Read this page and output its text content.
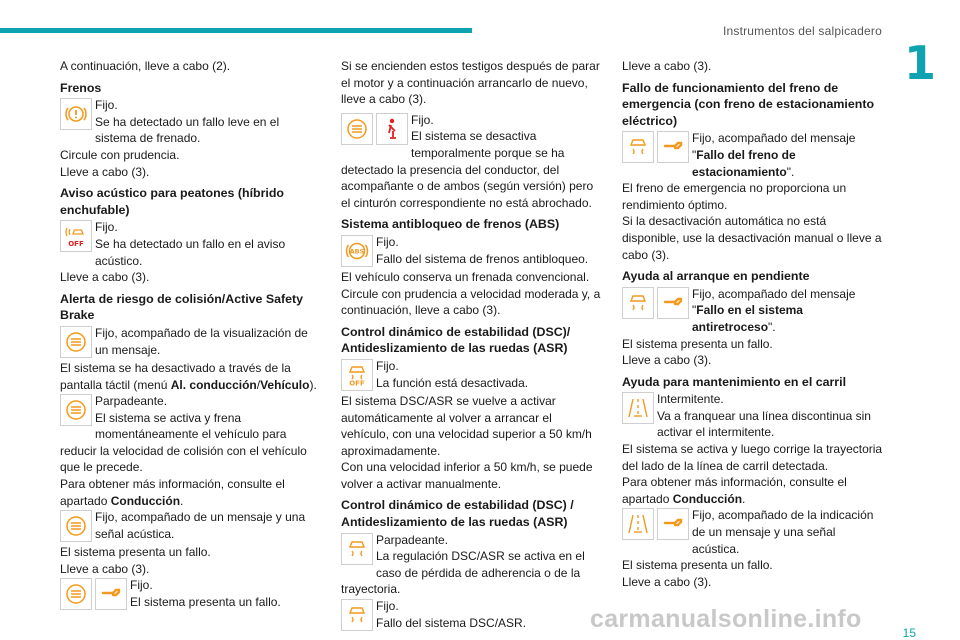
Instrumentos del salpicadero
1

A continuación, lleve a cabo (2).

Frenos

Fijo.

Se ha detectado un fallo leve en el sistema de frenado.

Circule con prudencia.

Lleve a cabo (3).

Aviso acústico para peatones (híbrido enchufable)
OFF

Fijo.

Se ha detectado un fallo en el aviso acústico.

Lleve a cabo (3).

Alerta de riesgo de colisión/Active Safety Brake

Fijo, acompañado de la visualización de un mensaje.

El sistema se ha desactivado a través de la pantalla táctil (menú Al. conducción/Vehículo).

Parpadeante.

El sistema se activa y frena momentáneamente el vehículo para reducir la velocidad de colisión con el vehículo que le precede.

Para obtener más información, consulte el apartado Conducción.

Fijo, acompañado de un mensaje y una señal acústica.

El sistema presenta un fallo.

Lleve a cabo (3).

Fijo.

El sistema presenta un fallo.

Si se encienden estos testigos después de parar el motor y a continuación arrancarlo de nuevo, lleve a cabo (3).

Fijo.

El sistema se desactiva temporalmente porque se ha detectado la presencia del conductor, del acompañante o de ambos (según versión) pero el cinturón correspondiente no está abrochado.

Sistema antibloqueo de frenos (ABS)
ABS

Fijo.

Fallo del sistema de frenos antibloqueo.

El vehículo conserva un frenada convencional.

Circule con prudencia a velocidad moderada y, a continuación, lleve a cabo (3).

Control dinámico de estabilidad (DSC)/ Antideslizamiento de las ruedas (ASR)
OFF

Fijo.

La función está desactivada.

El sistema DSC/ASR se vuelve a activar automáticamente al volver a arrancar el vehículo, con una velocidad superior a 50 km/h aproximadamente.

Con una velocidad inferior a 50 km/h, se puede volver a activar manualmente.

Control dinámico de estabilidad (DSC) / Antideslizamiento de las ruedas (ASR)

Parpadeante.

La regulación DSC/ASR se activa en el caso de pérdida de adherencia o de la trayectoria.

Fijo.

Fallo del sistema DSC/ASR.

Lleve a cabo (3).

Fallo de funcionamiento del freno de emergencia (con freno de estacionamiento eléctrico)

Fijo, acompañado del mensaje "Fallo del freno de estacionamiento".

El freno de emergencia no proporciona un rendimiento óptimo.

Si la desactivación automática no está disponible, use la desactivación manual o lleve a cabo (3).

Ayuda al arranque en pendiente

Fijo, acompañado del mensaje "Fallo en el sistema antiretroceso".

El sistema presenta un fallo.

Lleve a cabo (3).

Ayuda para mantenimiento en el carril

Intermitente.

Va a franquear una línea discontinua sin activar el intermitente.

El sistema se activa y luego corrige la trayectoria del lado de la línea de carril detectada.

Para obtener más información, consulte el apartado Conducción.

Fijo, acompañado de la indicación de un mensaje y una señal acústica.

El sistema presenta un fallo.

Lleve a cabo (3).

carmanualsonline.info	15
